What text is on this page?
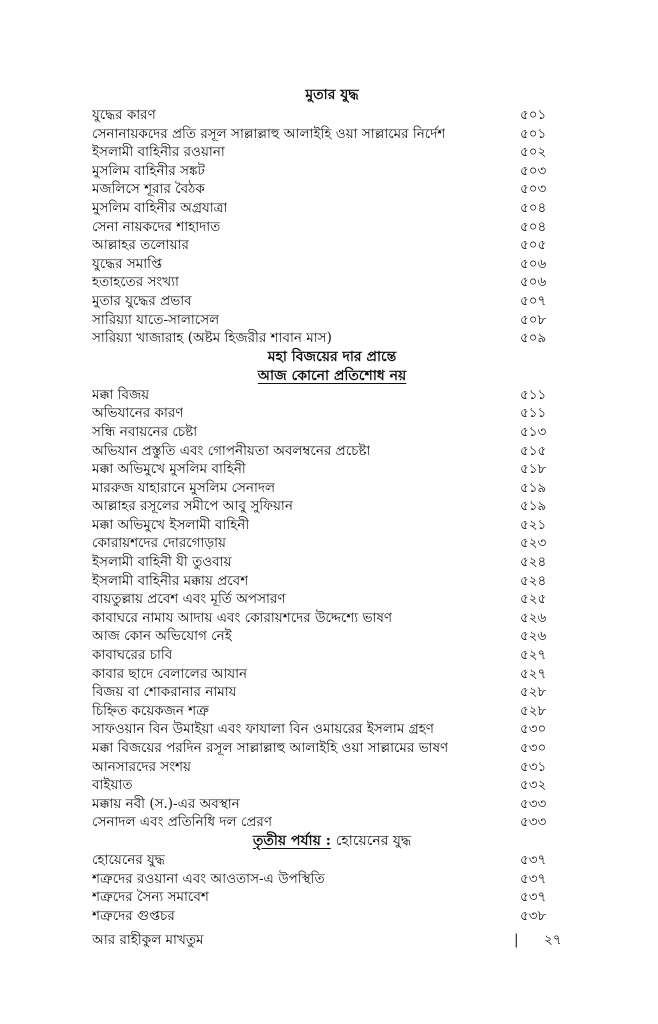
মুতার যুদ্ধ
যুদ্ধের কারণ	৫০১
সেনানায়কদের প্রতি রসূল সাল্লাল্লাহু আলাইহি ওয়া সাল্লামের নির্দেশ	৫০১
ইসলামী বাহিনীর রওয়ানা	৫০২
মুসলিম বাহিনীর সঙ্কট	৫০৩
মজলিসে শূরার বৈঠক	৫০৩
মুসলিম বাহিনীর অগ্রযাত্রা	৫০৪
সেনা নায়কদের শাহাদাত	৫০৪
আল্লাহর তলোয়ার	৫০৫
যুদ্ধের সমাপ্তি	৫০৬
হতাহতের সংখ্যা	৫০৬
মুতার যুদ্ধের প্রভাব	৫০৭
সারিয়্যা যাতে-সালাসেল	৫০৮
সারিয়্যা খাজারাহ (অষ্টম হিজরীর শাবান মাস)	৫০৯
মহা বিজয়ের দার প্রান্তে
আজ কোনো প্রতিশোধ নয়
মক্কা বিজয়	৫১১
অভিযানের কারণ	৫১১
সন্ধি নবায়নের চেষ্টা	৫১৩
অভিযান প্রস্তুতি এবং গোপনীয়তা অবলম্বনের প্রচেষ্টা	৫১৫
মক্কা অভিমুখে মুসলিম বাহিনী	৫১৮
মাররুজ যাহারানে মুসলিম সেনাদল	৫১৯
আল্লাহর রসূলের সমীপে আবু সুফিয়ান	৫১৯
মক্কা অভিমুখে ইসলামী বাহিনী	৫২১
কোরায়শদের দোরগোড়ায়	৫২৩
ইসলামী বাহিনী যী তুওবায়	৫২৪
ইসলামী বাহিনীর মক্কায় প্রবেশ	৫২৪
বায়তুল্লায় প্রবেশ এবং মূর্তি অপসারণ	৫২৫
কাবাঘরে নামায আদায় এবং কোরায়শদের উদ্দেশ্যে ভাষণ	৫২৬
আজ কোন অভিযোগ নেই	৫২৬
কাবাঘরের চাবি	৫২৭
কাবার ছাদে বেলালের আযান	৫২৭
বিজয় বা শোকরানার নামায	৫২৮
চিহ্নিত কয়েকজন শত্রু	৫২৮
সাফওয়ান বিন উমাইয়া এবং ফাযালা বিন ওমায়রের ইসলাম গ্রহণ	৫৩০
মক্কা বিজয়ের পরদিন রসূল সাল্লাল্লাহু আলাইহি ওয়া সাল্লামের ভাষণ	৫৩০
আনসারদের সংশয়	৫৩১
বাইয়াত	৫৩২
মক্কায় নবী (স.)-এর অবস্থান	৫৩৩
সেনাদল এবং প্রতিনিধি দল প্রেরণ	৫৩৩
তৃতীয় পর্যায় : হোয়েনের যুদ্ধ
হোয়েনের যুদ্ধ	৫৩৭
শত্রুদের রওয়ানা এবং আওতাস-এ উপস্থিতি	৫৩৭
শত্রুদের সৈন্য সমাবেশ	৫৩৭
শত্রুদের গুপ্তচর	৫৩৮
আর রাহীকুল মাখতুম	| ২৭
